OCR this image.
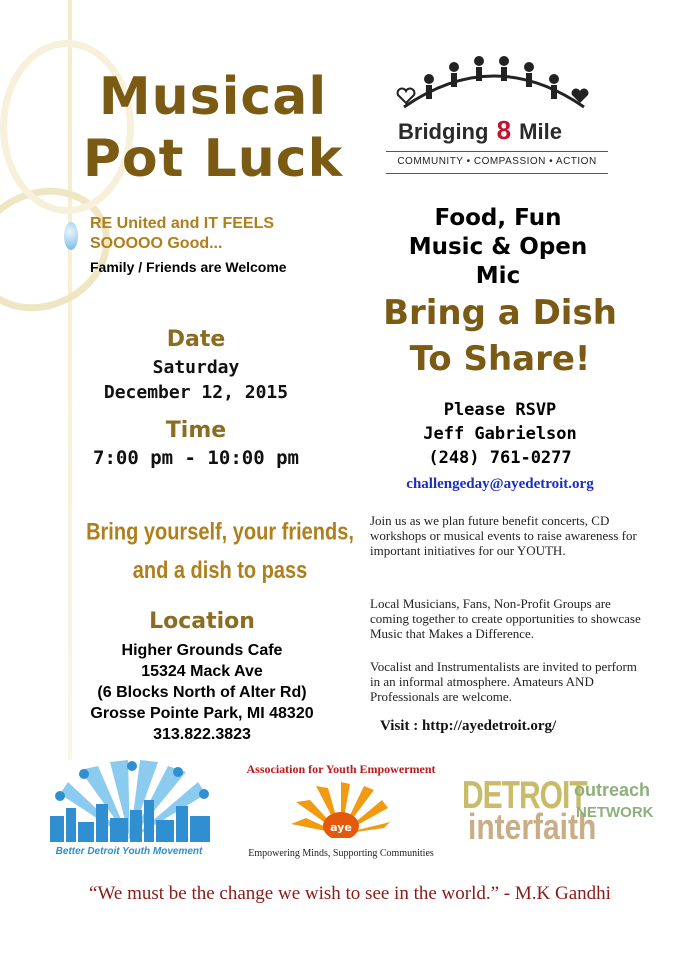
Musical
Pot Luck
RE United and IT FEELS
SOOOOO Good...
Family / Friends are Welcome
Date
Saturday
December 12, 2015
Time
7:00 pm - 10:00 pm
Bring yourself, your friends,
and a dish to pass
Location
Higher Grounds Cafe
15324 Mack Ave
(6 Blocks North of Alter Rd)
Grosse Pointe Park, MI 48320
313.822.3823
Bridging 8 Mile
COMMUNITY • COMPASSION • ACTION
Food, Fun
Music & Open
Mic
Bring a Dish
To Share!
Please RSVP
Jeff Gabrielson
(248) 761-0277
challengeday@ayedetroit.org
Join us as we plan future benefit concerts, CD workshops or musical events to raise awareness for important initiatives for our YOUTH.
Local Musicians, Fans, Non-Profit Groups are coming together to create opportunities to showcase Music that Makes a Difference.
Vocalist and Instrumentalists are invited to perform in an informal atmosphere. Amateurs AND Professionals are welcome.
Visit : http://ayedetroit.org/
Better Detroit Youth Movement
Association for Youth Empowerment
aye
Empowering Minds, Supporting Communities
DETROIT
interfaith
outreach
NETWORK
“We must be the change we wish to see in the world.” - M.K Gandhi
